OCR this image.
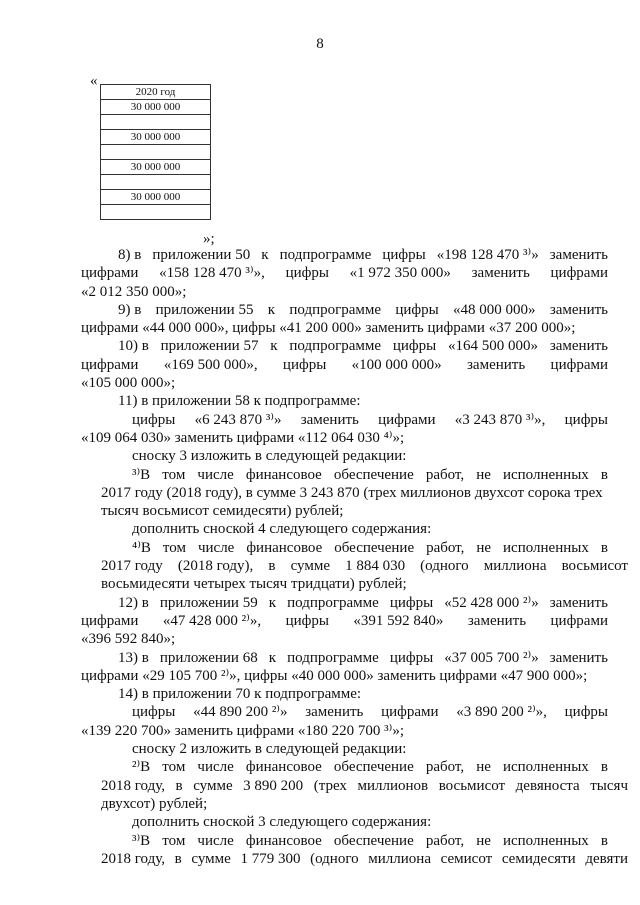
8
«
2020 год
30 000 000

30 000 000

30 000 000

30 000 000

»;
8) в приложении 50 к подпрограмме цифры «198 128 470 ³⁾» заменить
цифрами «158 128 470 ³⁾», цифры «1 972 350 000» заменить цифрами
«2 012 350 000»;
9) в приложении 55 к подпрограмме цифры «48 000 000» заменить
цифрами «44 000 000», цифры «41 200 000» заменить цифрами «37 200 000»;
10) в приложении 57 к подпрограмме цифры «164 500 000» заменить
цифрами «169 500 000», цифры «100 000 000» заменить цифрами
«105 000 000»;
11) в приложении 58 к подпрограмме:
цифры «6 243 870 ³⁾» заменить цифрами «3 243 870 ³⁾», цифры
«109 064 030» заменить цифрами «112 064 030 ⁴⁾»;
сноску 3 изложить в следующей редакции:
³⁾В том числе финансовое обеспечение работ, не исполненных в
2017 году (2018 году), в сумме 3 243 870 (трех миллионов двухсот сорока трех
тысяч восьмисот семидесяти) рублей;
дополнить сноской 4 следующего содержания:
⁴⁾В том числе финансовое обеспечение работ, не исполненных в
2017 году (2018 году), в сумме 1 884 030 (одного миллиона восьмисот
восьмидесяти четырех тысяч тридцати) рублей;
12) в приложении 59 к подпрограмме цифры «52 428 000 ²⁾» заменить
цифрами «47 428 000 ²⁾», цифры «391 592 840» заменить цифрами
«396 592 840»;
13) в приложении 68 к подпрограмме цифры «37 005 700 ²⁾» заменить
цифрами «29 105 700 ²⁾», цифры «40 000 000» заменить цифрами «47 900 000»;
14) в приложении 70 к подпрограмме:
цифры «44 890 200 ²⁾» заменить цифрами «3 890 200 ²⁾», цифры
«139 220 700» заменить цифрами «180 220 700 ³⁾»;
сноску 2 изложить в следующей редакции:
²⁾В том числе финансовое обеспечение работ, не исполненных в
2018 году, в сумме 3 890 200 (трех миллионов восьмисот девяноста тысяч
двухсот) рублей;
дополнить сноской 3 следующего содержания:
³⁾В том числе финансовое обеспечение работ, не исполненных в
2018 году, в сумме 1 779 300 (одного миллиона семисот семидесяти девяти
